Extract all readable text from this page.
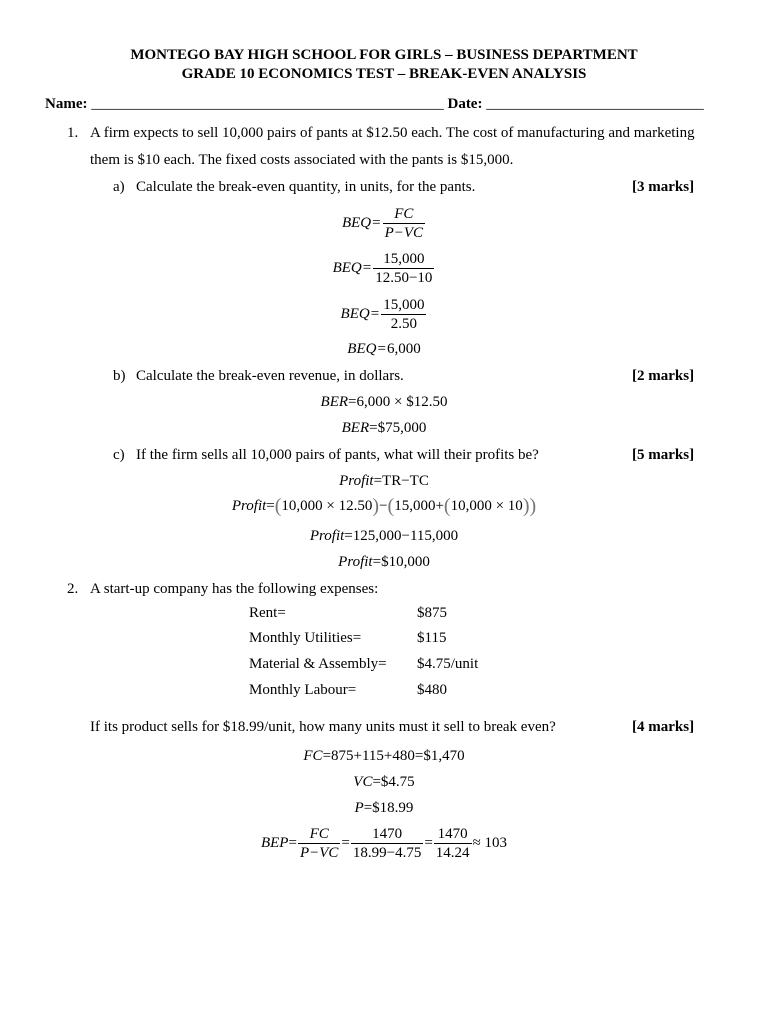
MONTEGO BAY HIGH SCHOOL FOR GIRLS – BUSINESS DEPARTMENT
GRADE 10 ECONOMICS TEST – BREAK-EVEN ANALYSIS
Name: _______________________________________________ Date: _____________________________
1. A firm expects to sell 10,000 pairs of pants at $12.50 each. The cost of manufacturing and marketing
them is $10 each. The fixed costs associated with the pants is $15,000.
a) Calculate the break-even quantity, in units, for the pants.	[3 marks]
BEQ = $\frac{FC}{P-VC}$
BEQ = $\frac{15,000}{12.50-10}$
BEQ = $\frac{15,000}{2.50}$
BEQ = 6,000
b) Calculate the break-even revenue, in dollars.	[2 marks]
BER =6,000 × $12.50
BER =$75,000
c) If the firm sells all 10,000 pairs of pants, what will their profits be?	[5 marks]
Profit =TR−TC
Profit = ( 10,000 × 12.50 ) − ( 15,000+ ( 10,000 × 10 ) )
Profit =125,000−115,000
Profit =$10,000
2. A start-up company has the following expenses:
Rent=	$875
Monthly Utilities=	$115
Material & Assembly= $4.75/unit
Monthly Labour=	$480
If its product sells for $18.99/unit, how many units must it sell to break even?	[4 marks]
FC =875+115+480=$1,470
VC =$4.75
P =$18.99
BEP = $\frac{FC}{P-VC} = \frac{1470}{18.99-4.75} = \frac{1470}{14.24} \approx 103$
